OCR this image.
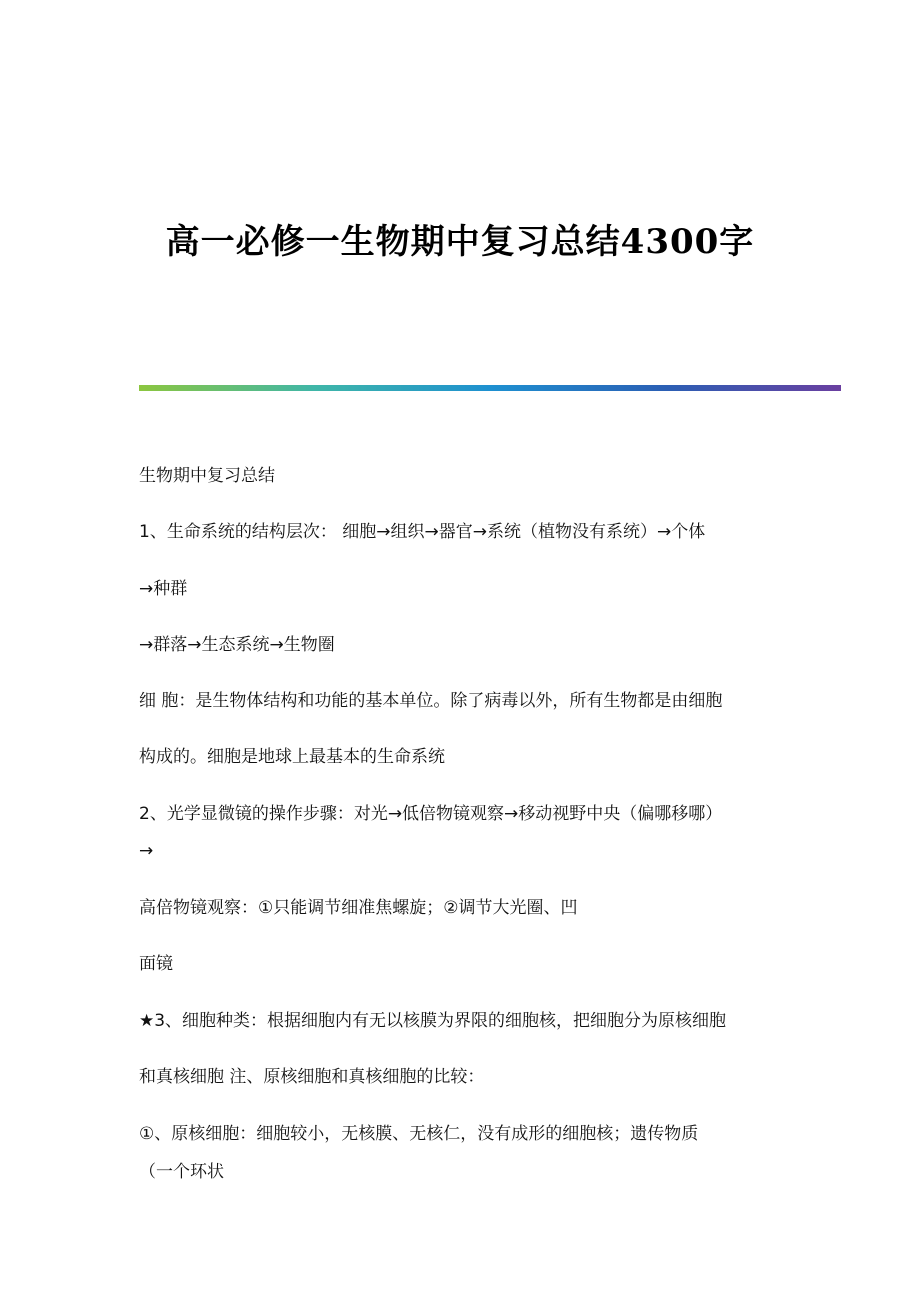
高一必修一生物期中复习总结4300字
生物期中复习总结
1、生命系统的结构层次： 细胞→组织→器官→系统（植物没有系统）→个体
→种群
→群落→生态系统→生物圈
细 胞：是生物体结构和功能的基本单位。除了病毒以外，所有生物都是由细胞
构成的。细胞是地球上最基本的生命系统
2、光学显微镜的操作步骤：对光→低倍物镜观察→移动视野中央（偏哪移哪）
→
高倍物镜观察：①只能调节细准焦螺旋；②调节大光圈、凹
面镜
★3、细胞种类：根据细胞内有无以核膜为界限的细胞核，把细胞分为原核细胞
和真核细胞 注、原核细胞和真核细胞的比较：
①、原核细胞：细胞较小，无核膜、无核仁，没有成形的细胞核；遗传物质
（一个环状
